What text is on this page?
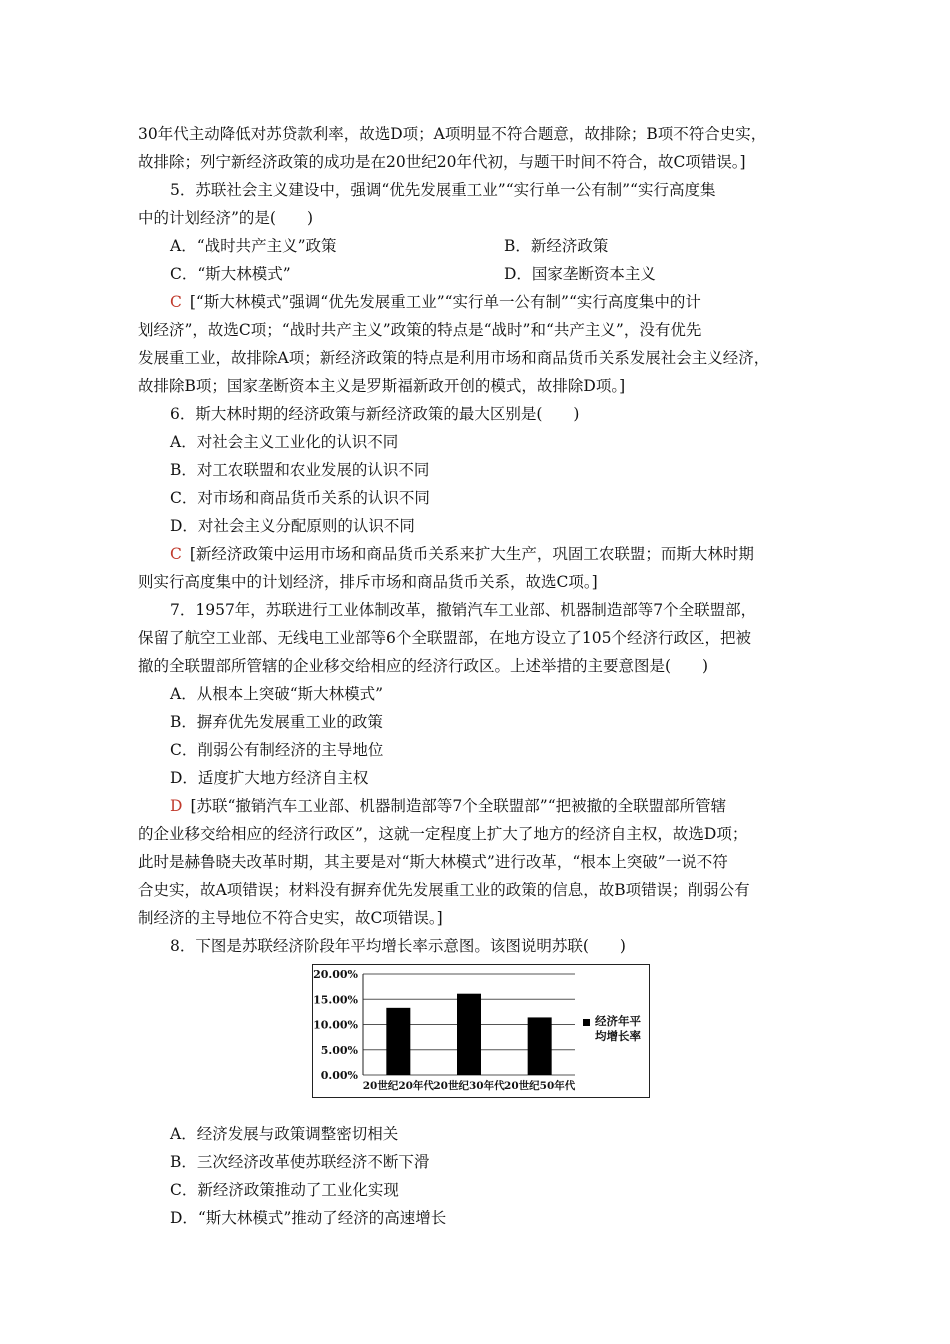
30年代主动降低对苏贷款利率，故选D项；A项明显不符合题意，故排除；B项不符合史实，
故排除；列宁新经济政策的成功是在20世纪20年代初，与题干时间不符合，故C项错误。]
5．苏联社会主义建设中，强调“优先发展重工业”“实行单一公有制”“实行高度集
中的计划经济”的是(　　)
A．“战时共产主义”政策	B．新经济政策
C．“斯大林模式”	D．国家垄断资本主义
C [“斯大林模式”强调“优先发展重工业”“实行单一公有制”“实行高度集中的计
划经济”，故选C项；“战时共产主义”政策的特点是“战时”和“共产主义”，没有优先
发展重工业，故排除A项；新经济政策的特点是利用市场和商品货币关系发展社会主义经济，
故排除B项；国家垄断资本主义是罗斯福新政开创的模式，故排除D项。]
6．斯大林时期的经济政策与新经济政策的最大区别是(　　)
A．对社会主义工业化的认识不同
B．对工农联盟和农业发展的认识不同
C．对市场和商品货币关系的认识不同
D．对社会主义分配原则的认识不同
C [新经济政策中运用市场和商品货币关系来扩大生产，巩固工农联盟；而斯大林时期
则实行高度集中的计划经济，排斥市场和商品货币关系，故选C项。]
7．1957年，苏联进行工业体制改革，撤销汽车工业部、机器制造部等7个全联盟部，
保留了航空工业部、无线电工业部等6个全联盟部，在地方设立了105个经济行政区，把被
撤的全联盟部所管辖的企业移交给相应的经济行政区。上述举措的主要意图是(　　)
A．从根本上突破“斯大林模式”
B．摒弃优先发展重工业的政策
C．削弱公有制经济的主导地位
D．适度扩大地方经济自主权
D [苏联“撤销汽车工业部、机器制造部等7个全联盟部”“把被撤的全联盟部所管辖
的企业移交给相应的经济行政区”，这就一定程度上扩大了地方的经济自主权，故选D项；
此时是赫鲁晓夫改革时期，其主要是对“斯大林模式”进行改革，“根本上突破”一说不符
合史实，故A项错误；材料没有摒弃优先发展重工业的政策的信息，故B项错误；削弱公有
制经济的主导地位不符合史实，故C项错误。]
8．下图是苏联经济阶段年平均增长率示意图。该图说明苏联(　　)
0.00%
5.00%
10.00%
15.00%
20.00%
20世纪20年代 20世纪30年代 20世纪50年代
经济年平
均增长率
A．经济发展与政策调整密切相关
B．三次经济改革使苏联经济不断下滑
C．新经济政策推动了工业化实现
D．“斯大林模式”推动了经济的高速增长
